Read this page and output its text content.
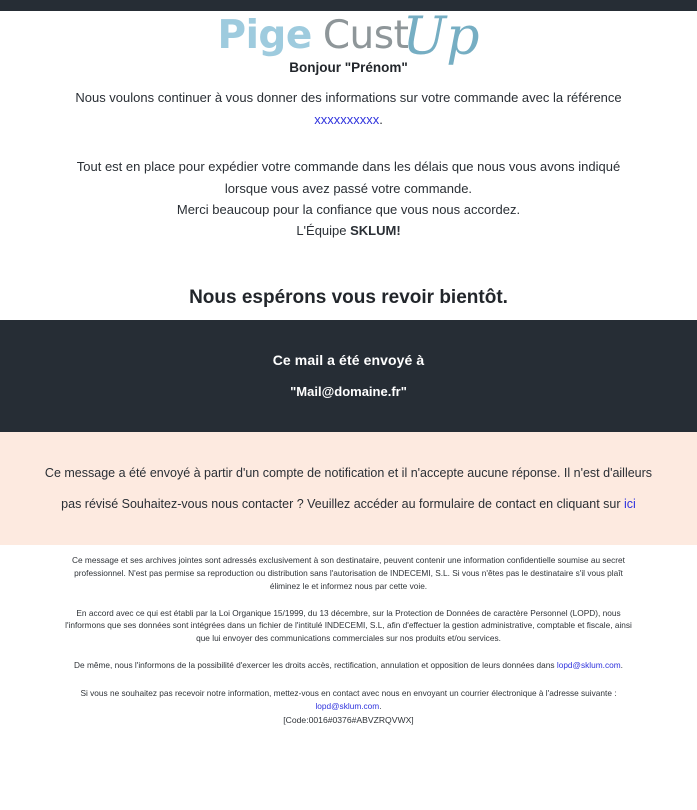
Pige Cust
Up

Bonjour "Prénom"

Nous voulons continuer à vous donner des informations sur votre commande avec la référence
xxxxxxxxxx.

Tout est en place pour expédier votre commande dans les délais que nous vous avons indiqué
lorsque vous avez passé votre commande.

Merci beaucoup pour la confiance que vous nous accordez.

L'Équipe SKLUM!

Nous espérons vous revoir bientôt.

Ce mail a été envoyé à
"Mail@domaine.fr"

Ce message a été envoyé à partir d'un compte de notification et il n'accepte aucune réponse. Il n'est d'ailleurs pas révisé Souhaitez-vous nous contacter ? Veuillez accéder au formulaire de contact en cliquant sur ici

Ce message et ses archives jointes sont adressés exclusivement à son destinataire, peuvent contenir une information confidentielle soumise au secret professionnel. N'est pas permise sa reproduction ou distribution sans l'autorisation de INDECEMI, S.L. Si vous n'êtes pas le destinataire s'il vous plaît éliminez le et informez nous par cette voie.

En accord avec ce qui est établi par la Loi Organique 15/1999, du 13 décembre, sur la Protection de Données de caractère Personnel (LOPD), nous l'informons que ses données sont intégrées dans un fichier de l'intitulé INDECEMI, S.L, afin d'effectuer la gestion administrative, comptable et fiscale, ainsi que lui envoyer des communications commerciales sur nos produits et/ou services.

De même, nous l'informons de la possibilité d'exercer les droits accès, rectification, annulation et opposition de leurs données dans lopd@sklum.com.

Si vous ne souhaitez pas recevoir notre information, mettez-vous en contact avec nous en envoyant un courrier électronique à l'adresse suivante : lopd@sklum.com.

[Code:0016#0376#ABVZRQVWX]
